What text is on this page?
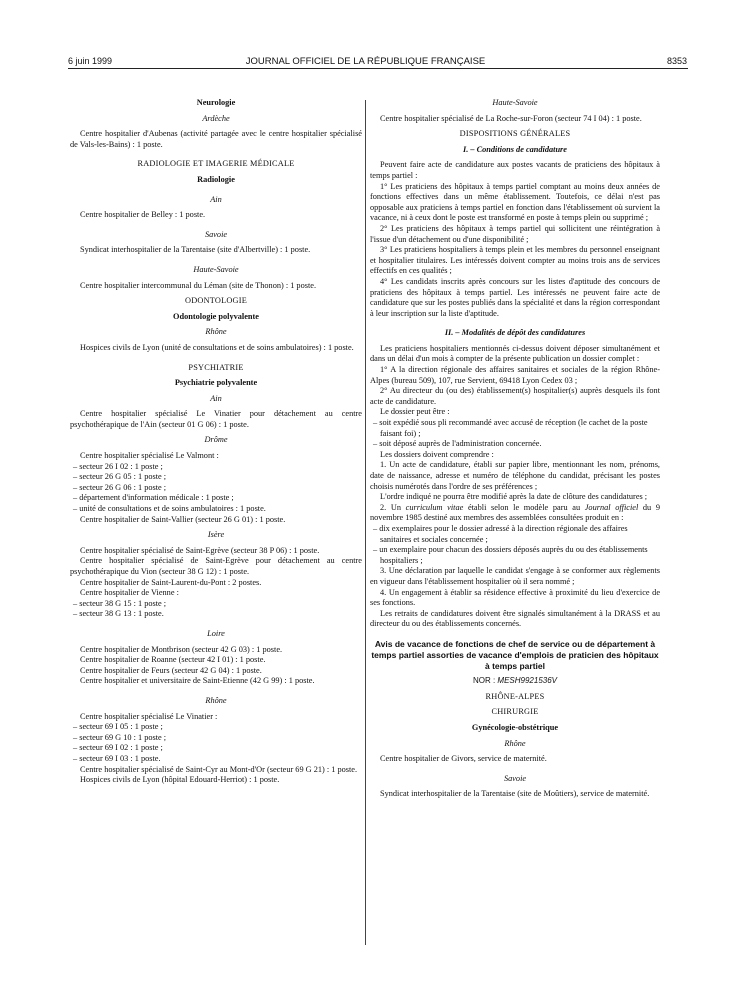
6 juin 1999	JOURNAL OFFICIEL DE LA RÉPUBLIQUE FRANÇAISE	8353

Neurologie

Ardèche

Centre hospitalier d'Aubenas (activité partagée avec le centre hospitalier spécialisé de Vals-les-Bains) : 1 poste.

RADIOLOGIE ET IMAGERIE MÉDICALE

Radiologie

Ain

Centre hospitalier de Belley : 1 poste.

Savoie

Syndicat interhospitalier de la Tarentaise (site d'Albertville) : 1 poste.

Haute-Savoie

Centre hospitalier intercommunal du Léman (site de Thonon) : 1 poste.

ODONTOLOGIE

Odontologie polyvalente

Rhône

Hospices civils de Lyon (unité de consultations et de soins ambulatoires) : 1 poste.

PSYCHIATRIE

Psychiatrie polyvalente

Ain

Centre hospitalier spécialisé Le Vinatier pour détachement au centre psychothérapique de l'Ain (secteur 01 G 06) : 1 poste.

Drôme

Centre hospitalier spécialisé Le Valmont :

– secteur 26 I 02 : 1 poste ;

– secteur 26 G 05 : 1 poste ;

– secteur 26 G 06 : 1 poste ;

– département d'information médicale : 1 poste ;

– unité de consultations et de soins ambulatoires : 1 poste.

Centre hospitalier de Saint-Vallier (secteur 26 G 01) : 1 poste.

Isère

Centre hospitalier spécialisé de Saint-Egrève (secteur 38 P 06) : 1 poste.

Centre hospitalier spécialisé de Saint-Egrève pour détachement au centre psychothérapique du Vion (secteur 38 G 12) : 1 poste.

Centre hospitalier de Saint-Laurent-du-Pont : 2 postes.

Centre hospitalier de Vienne :

– secteur 38 G 15 : 1 poste ;

– secteur 38 G 13 : 1 poste.

Loire

Centre hospitalier de Montbrison (secteur 42 G 03) : 1 poste.

Centre hospitalier de Roanne (secteur 42 I 01) : 1 poste.

Centre hospitalier de Feurs (secteur 42 G 04) : 1 poste.

Centre hospitalier et universitaire de Saint-Etienne (42 G 99) : 1 poste.

Rhône

Centre hospitalier spécialisé Le Vinatier :

– secteur 69 I 05 : 1 poste ;

– secteur 69 G 10 : 1 poste ;

– secteur 69 I 02 : 1 poste ;

– secteur 69 I 03 : 1 poste.

Centre hospitalier spécialisé de Saint-Cyr au Mont-d'Or (secteur 69 G 21) : 1 poste.

Hospices civils de Lyon (hôpital Edouard-Herriot) : 1 poste.

Haute-Savoie

Centre hospitalier spécialisé de La Roche-sur-Foron (secteur 74 I 04) : 1 poste.

DISPOSITIONS GÉNÉRALES

I. – Conditions de candidature

Peuvent faire acte de candidature aux postes vacants de praticiens des hôpitaux à temps partiel :

1° Les praticiens des hôpitaux à temps partiel comptant au moins deux années de fonctions effectives dans un même établissement. Toutefois, ce délai n'est pas opposable aux praticiens à temps partiel en fonction dans l'établissement où survient la vacance, ni à ceux dont le poste est transformé en poste à temps plein ou supprimé ;

2° Les praticiens des hôpitaux à temps partiel qui sollicitent une réintégration à l'issue d'un détachement ou d'une disponibilité ;

3° Les praticiens hospitaliers à temps plein et les membres du personnel enseignant et hospitalier titulaires. Les intéressés doivent compter au moins trois ans de services effectifs en ces qualités ;

4° Les candidats inscrits après concours sur les listes d'aptitude des concours de praticiens des hôpitaux à temps partiel. Les intéressés ne peuvent faire acte de candidature que sur les postes publiés dans la spécialité et dans la région correspondant à leur inscription sur la liste d'aptitude.

II. – Modalités de dépôt des candidatures

Les praticiens hospitaliers mentionnés ci-dessus doivent déposer simultanément et dans un délai d'un mois à compter de la présente publication un dossier complet :

1° A la direction régionale des affaires sanitaires et sociales de la région Rhône-Alpes (bureau 509), 107, rue Servient, 69418 Lyon Cedex 03 ;

2° Au directeur du (ou des) établissement(s) hospitalier(s) auprès desquels ils font acte de candidature.

Le dossier peut être :

– soit expédié sous pli recommandé avec accusé de réception (le cachet de la poste faisant foi) ;

– soit déposé auprès de l'administration concernée.

Les dossiers doivent comprendre :

1. Un acte de candidature, établi sur papier libre, mentionnant les nom, prénoms, date de naissance, adresse et numéro de téléphone du candidat, précisant les postes choisis numérotés dans l'ordre de ses préférences ;

L'ordre indiqué ne pourra être modifié après la date de clôture des candidatures ;

2. Un curriculum vitae établi selon le modèle paru au Journal officiel du 9 novembre 1985 destiné aux membres des assemblées consultées produit en :

– dix exemplaires pour le dossier adressé à la direction régionale des affaires sanitaires et sociales concernée ;

– un exemplaire pour chacun des dossiers déposés auprès du ou des établissements hospitaliers ;

3. Une déclaration par laquelle le candidat s'engage à se conformer aux règlements en vigueur dans l'établissement hospitalier où il sera nommé ;

4. Un engagement à établir sa résidence effective à proximité du lieu d'exercice de ses fonctions.

Les retraits de candidatures doivent être signalés simultanément à la DRASS et au directeur du ou des établissements concernés.

Avis de vacance de fonctions de chef de service ou de département à temps partiel assorties de vacance d'emplois de praticien des hôpitaux à temps partiel

NOR : MESH9921536V

RHÔNE-ALPES

CHIRURGIE

Gynécologie-obstétrique

Rhône

Centre hospitalier de Givors, service de maternité.

Savoie

Syndicat interhospitalier de la Tarentaise (site de Moûtiers), service de maternité.
